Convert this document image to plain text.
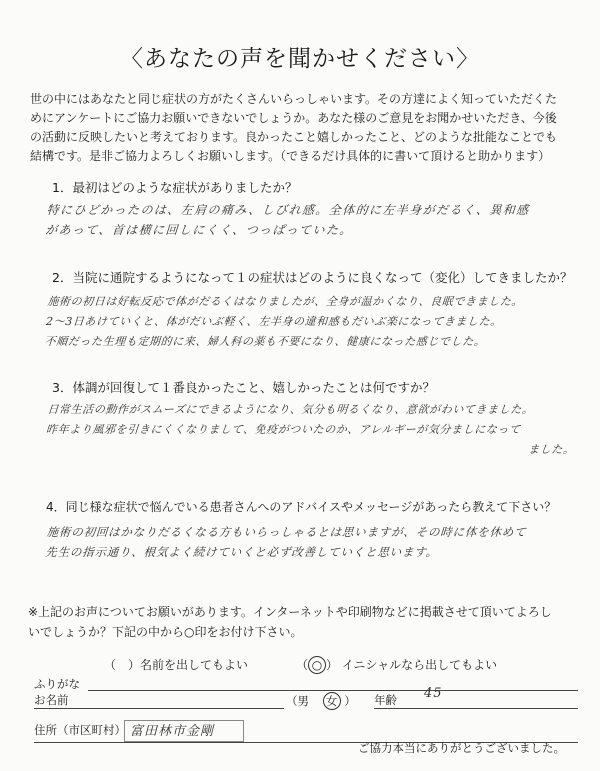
〈あなたの声を聞かせください〉
世の中にはあなたと同じ症状の方がたくさんいらっしゃいます。その方達によく知っていただくた
めにアンケートにご協力お願いできないでしょうか。あなた様のご意見をお聞かせいただき、今後
の活動に反映したいと考えております。良かったこと嬉しかったこと、どのような批能なことでも
結構です。是非ご協力よろしくお願いします。（できるだけ具体的に書いて頂けると助かります）
1．最初はどのような症状がありましたか？
特にひどかったのは、左肩の痛み、しびれ感。全体的に左半身がだるく、異和感
があって、首は横に回しにくく、つっぱっていた。
2．当院に通院するようになって１の症状はどのように良くなって（変化）してきましたか？
施術の初日は好転反応で体がだるくはなりましたが、全身が温かくなり、良眠できました。
2〜3日あけていくと、体がだいぶ軽く、左半身の違和感もだいぶ楽になってきました。
不順だった生理も定期的に来、婦人科の薬も不要になり、健康になった感じでした。
3．体調が回復して１番良かったこと、嬉しかったことは何ですか？
日常生活の動作がスムーズにできるようになり、気分も明るくなり、意欲がわいてきました。
昨年より風邪を引きにくくなりまして、免疫がついたのか、アレルギーが気分ましになって
ました。
4．同じ様な症状で悩んでいる患者さんへのアドバイスやメッセージがあったら教えて下さい？
施術の初回はかなりだるくなる方もいらっしゃるとは思いますが、その時に体を休めて
先生の指示通り、根気よく続けていくと必ず改善していくと思います。
※上記のお声についてお願いがあります。インターネットや印刷物などに掲載させて頂いてよろし
いでしょうか？下記の中から○印をお付け下さい。
（　）名前を出してもよい	（ ○ ） イニシャルなら出してもよい
ふりがな
お名前	（男 女 ） 年齢 45
住所（市区町村） 富田林市金剛
ご協力本当にありがとうございました。
